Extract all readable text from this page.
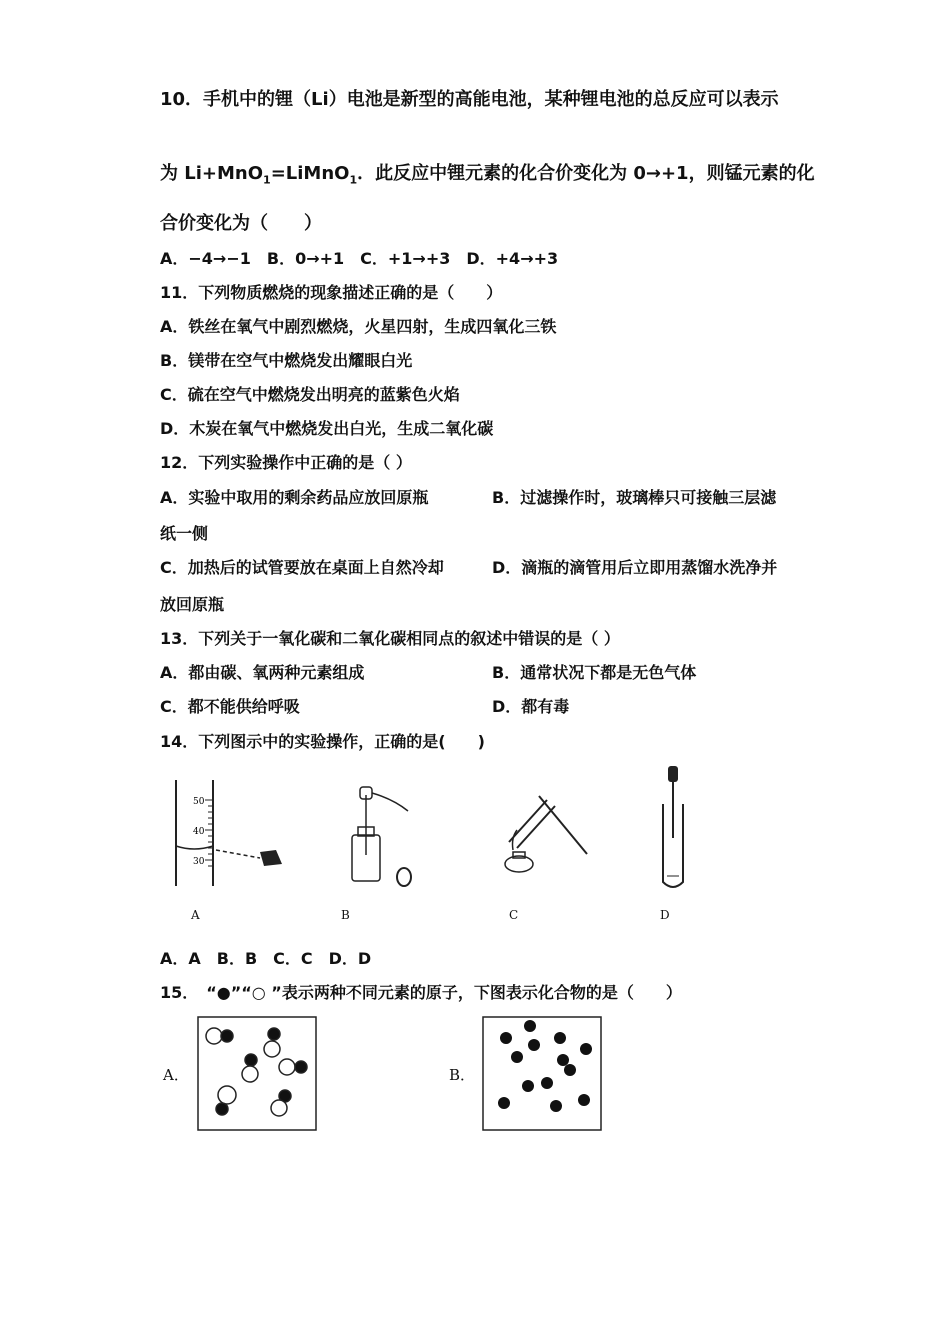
10．手机中的锂（Li）电池是新型的高能电池，某种锂电池的总反应可以表示
为 Li+MnO$_1$=LiMnO$_1$．此反应中锂元素的化合价变化为 0→+1，则锰元素的化
合价变化为（　　）
A．−4→−1　B．0→+1　C．+1→+3　D．+4→+3
11．下列物质燃烧的现象描述正确的是（　　）
A．铁丝在氧气中剧烈燃烧，火星四射，生成四氧化三铁
B．镁带在空气中燃烧发出耀眼白光
C．硫在空气中燃烧发出明亮的蓝紫色火焰
D．木炭在氧气中燃烧发出白光，生成二氧化碳
12．下列实验操作中正确的是（ ）
A．实验中取用的剩余药品应放回原瓶	B．过滤操作时，玻璃棒只可接触三层滤
纸一侧
C．加热后的试管要放在桌面上自然冷却	D．滴瓶的滴管用后立即用蒸馏水洗净并
放回原瓶
13．下列关于一氧化碳和二氧化碳相同点的叙述中错误的是（ ）
A．都由碳、氧两种元素组成	B．通常状况下都是无色气体
C．都不能供给呼吸	D．都有毒
14．下列图示中的实验操作，正确的是(　　)
50
40
30
A	B	C	D
A．A　B．B　C．C　D．D
15．　“●”“○ ”表示两种不同元素的原子，下图表示化合物的是（　　）
A．	B．
